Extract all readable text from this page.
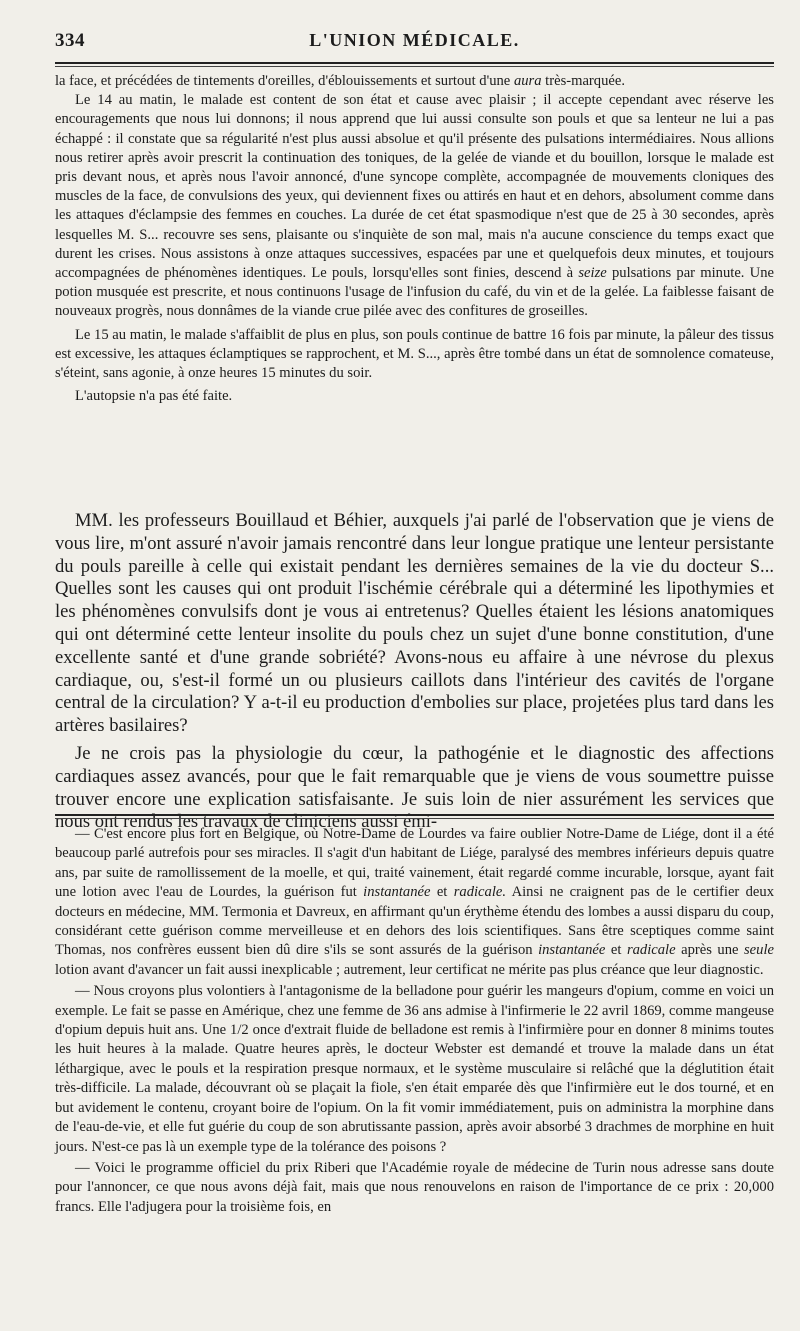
334	L'UNION MÉDICALE.

la face, et précédées de tintements d'oreilles, d'éblouissements et surtout d'une aura très-marquée.

Le 14 au matin, le malade est content de son état et cause avec plaisir ; il accepte cependant avec réserve les encouragements que nous lui donnons; il nous apprend que lui aussi consulte son pouls et que sa lenteur ne lui a pas échappé : il constate que sa régularité n'est plus aussi absolue et qu'il présente des pulsations intermédiaires. Nous allions nous retirer après avoir prescrit la continuation des toniques, de la gelée de viande et du bouillon, lorsque le malade est pris devant nous, et après nous l'avoir annoncé, d'une syncope complète, accompagnée de mouvements cloniques des muscles de la face, de convulsions des yeux, qui deviennent fixes ou attirés en haut et en dehors, absolument comme dans les attaques d'éclampsie des femmes en couches. La durée de cet état spasmodique n'est que de 25 à 30 secondes, après lesquelles M. S... recouvre ses sens, plaisante ou s'inquiète de son mal, mais n'a aucune conscience du temps exact que durent les crises. Nous assistons à onze attaques successives, espacées par une et quelquefois deux minutes, et toujours accompagnées de phénomènes identiques. Le pouls, lorsqu'elles sont finies, descend à seize pulsations par minute. Une potion musquée est prescrite, et nous continuons l'usage de l'infusion du café, du vin et de la gelée. La faiblesse faisant de nouveaux progrès, nous donnâmes de la viande crue pilée avec des confitures de groseilles.

Le 15 au matin, le malade s'affaiblit de plus en plus, son pouls continue de battre 16 fois par minute, la pâleur des tissus est excessive, les attaques éclamptiques se rapprochent, et M. S..., après être tombé dans un état de somnolence comateuse, s'éteint, sans agonie, à onze heures 15 minutes du soir.

L'autopsie n'a pas été faite.

MM. les professeurs Bouillaud et Béhier, auxquels j'ai parlé de l'observation que je viens de vous lire, m'ont assuré n'avoir jamais rencontré dans leur longue pratique une lenteur persistante du pouls pareille à celle qui existait pendant les dernières semaines de la vie du docteur S... Quelles sont les causes qui ont produit l'ischémie cérébrale qui a déterminé les lipothymies et les phénomènes convulsifs dont je vous ai entretenus? Quelles étaient les lésions anatomiques qui ont déterminé cette lenteur insolite du pouls chez un sujet d'une bonne constitution, d'une excellente santé et d'une grande sobriété? Avons-nous eu affaire à une névrose du plexus cardiaque, ou, s'est-il formé un ou plusieurs caillots dans l'intérieur des cavités de l'organe central de la circulation? Y a-t-il eu production d'embolies sur place, projetées plus tard dans les artères basilaires?

Je ne crois pas la physiologie du cœur, la pathogénie et le diagnostic des affections cardiaques assez avancés, pour que le fait remarquable que je viens de vous soumettre puisse trouver encore une explication satisfaisante. Je suis loin de nier assurément les services que nous ont rendus les travaux de cliniciens aussi émi-

— C'est encore plus fort en Belgique, où Notre-Dame de Lourdes va faire oublier Notre-Dame de Liége, dont il a été beaucoup parlé autrefois pour ses miracles. Il s'agit d'un habitant de Liége, paralysé des membres inférieurs depuis quatre ans, par suite de ramollissement de la moelle, et qui, traité vainement, était regardé comme incurable, lorsque, ayant fait une lotion avec l'eau de Lourdes, la guérison fut instantanée et radicale. Ainsi ne craignent pas de le certifier deux docteurs en médecine, MM. Termonia et Davreux, en affirmant qu'un érythème étendu des lombes a aussi disparu du coup, considérant cette guérison comme merveilleuse et en dehors des lois scientifiques. Sans être sceptiques comme saint Thomas, nos confrères eussent bien dû dire s'ils se sont assurés de la guérison instantanée et radicale après une seule lotion avant d'avancer un fait aussi inexplicable ; autrement, leur certificat ne mérite pas plus créance que leur diagnostic.

— Nous croyons plus volontiers à l'antagonisme de la belladone pour guérir les mangeurs d'opium, comme en voici un exemple. Le fait se passe en Amérique, chez une femme de 36 ans admise à l'infirmerie le 22 avril 1869, comme mangeuse d'opium depuis huit ans. Une 1/2 once d'extrait fluide de belladone est remis à l'infirmière pour en donner 8 minims toutes les huit heures à la malade. Quatre heures après, le docteur Webster est demandé et trouve la malade dans un état léthargique, avec le pouls et la respiration presque normaux, et le système musculaire si relâché que la déglutition était très-difficile. La malade, découvrant où se plaçait la fiole, s'en était emparée dès que l'infirmière eut le dos tourné, et en but avidement le contenu, croyant boire de l'opium. On la fit vomir immédiatement, puis on administra la morphine dans de l'eau-de-vie, et elle fut guérie du coup de son abrutissante passion, après avoir absorbé 3 drachmes de morphine en huit jours. N'est-ce pas là un exemple type de la tolérance des poisons ?

— Voici le programme officiel du prix Riberi que l'Académie royale de médecine de Turin nous adresse sans doute pour l'annoncer, ce que nous avons déjà fait, mais que nous renouvelons en raison de l'importance de ce prix : 20,000 francs. Elle l'adjugera pour la troisième fois, en
